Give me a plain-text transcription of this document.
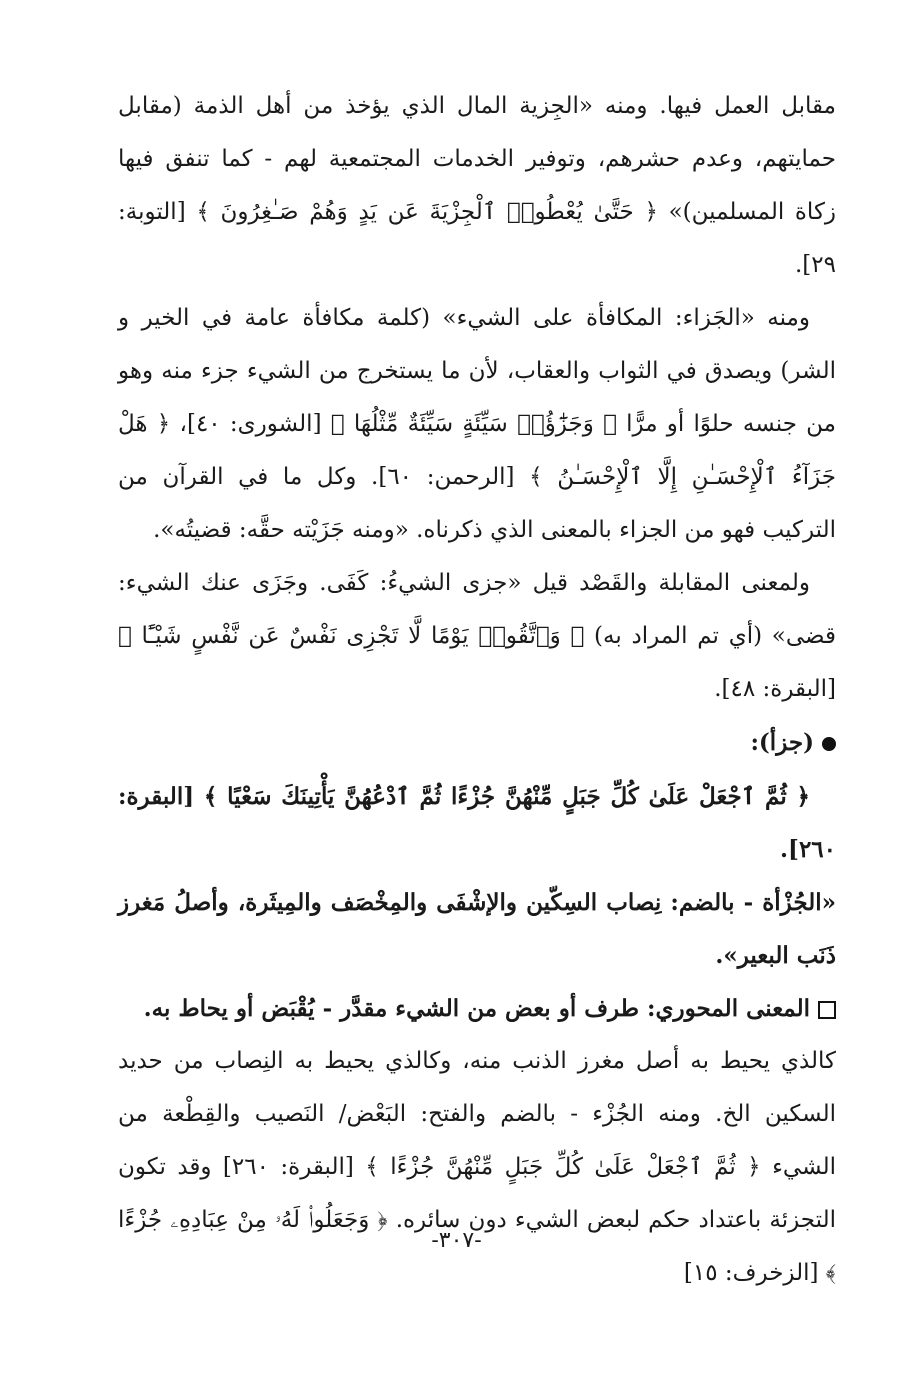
مقابل العمل فيها. ومنه «الجِزية المال الذي يؤخذ من أهل الذمة (مقابل حمايتهم، وعدم حشرهم، وتوفير الخدمات المجتمعية لهم - كما تنفق فيها زكاة المسلمين)» ﴿ حَتَّىٰ يُعْطُوا۟ ٱلْجِزْيَةَ عَن يَدٍ وَهُمْ صَـٰغِرُونَ ﴾ [التوبة: ٢٩].

ومنه «الجَزاء: المكافأة على الشيء» (كلمة مكافأة عامة في الخير و الشر) ويصدق في الثواب والعقاب، لأن ما يستخرج من الشيء جزء منه وهو من جنسه حلوًا أو مرًّا ﴿ وَجَزَٰٓؤُا۟ سَيِّئَةٍ سَيِّئَةٌ مِّثْلُهَا ﴾ [الشورى: ٤٠]، ﴿ هَلْ جَزَآءُ ٱلْإِحْسَـٰنِ إِلَّا ٱلْإِحْسَـٰنُ ﴾ [الرحمن: ٦٠]. وكل ما في القرآن من التركيب فهو من الجزاء بالمعنى الذي ذكرناه. «ومنه جَزَيْته حقَّه: قضيتُه».

ولمعنى المقابلة والقَصْد قيل «جزى الشيءُ: كَفَى. وجَزَى عنك الشيء: قضى» (أي تم المراد به) ﴿ وَٱتَّقُوا۟ يَوْمًا لَّا تَجْزِى نَفْسٌ عَن نَّفْسٍ شَيْـًٔا ﴾ [البقرة: ٤٨].

(جزأ):

﴿ ثُمَّ ٱجْعَلْ عَلَىٰ كُلِّ جَبَلٍ مِّنْهُنَّ جُزْءًا ثُمَّ ٱدْعُهُنَّ يَأْتِينَكَ سَعْيًا ﴾ [البقرة: ٢٦٠].

«الجُزْأة - بالضم: نِصاب السِكّين والإشْفَى والمِخْصَف والمِيثَرة، وأصلُ مَغرز ذَنَب البعير».

المعنى المحوري: طرف أو بعض من الشيء مقدَّر - يُقْبَض أو يحاط به.

كالذي يحيط به أصل مغرز الذنب منه، وكالذي يحيط به النِصاب من حديد السكين الخ. ومنه الجُزْء - بالضم والفتح: البَعْض/ النَصيب والقِطْعة من الشيء ﴿ ثُمَّ ٱجْعَلْ عَلَىٰ كُلِّ جَبَلٍ مِّنْهُنَّ جُزْءًا ﴾ [البقرة: ٢٦٠] وقد تكون التجزئة باعتداد حكم لبعض الشيء دون سائره. ﴿ وَجَعَلُوا۟ لَهُۥ مِنْ عِبَادِهِۦ جُزْءًا ﴾ [الزخرف: ١٥]

-٣٠٧-
